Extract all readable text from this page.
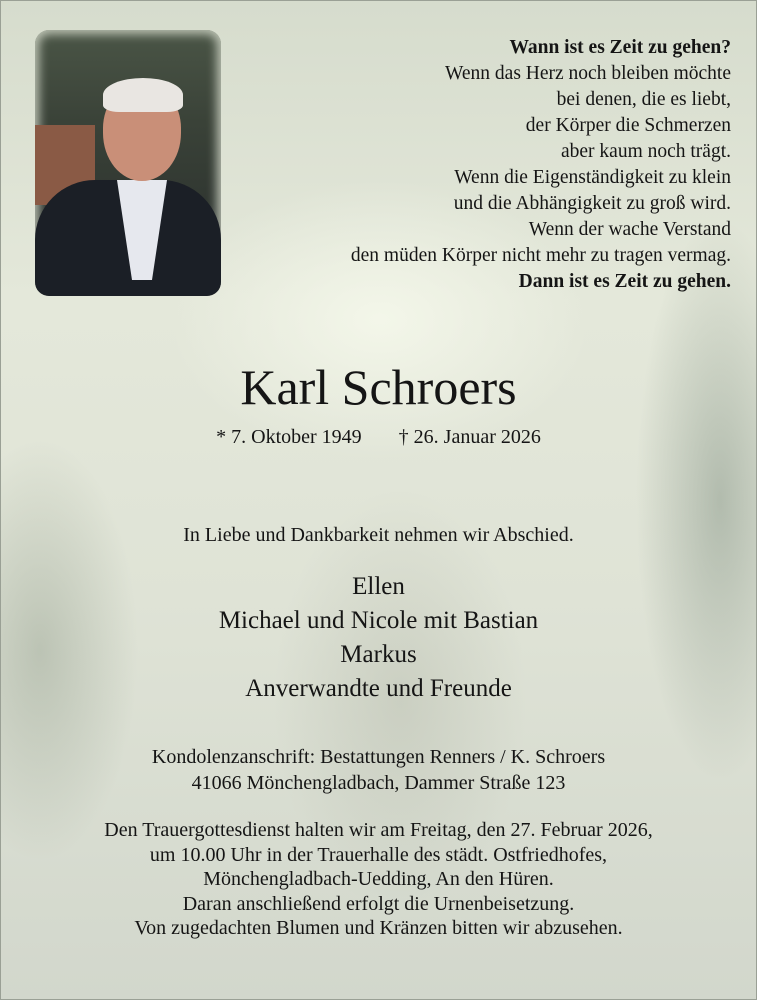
Wann ist es Zeit zu gehen?
Wenn das Herz noch bleiben möchte
bei denen, die es liebt,
der Körper die Schmerzen
aber kaum noch trägt.
Wenn die Eigenständigkeit zu klein
und die Abhängigkeit zu groß wird.
Wenn der wache Verstand
den müden Körper nicht mehr zu tragen vermag.
Dann ist es Zeit zu gehen.
Karl Schroers
* 7. Oktober 1949 † 26. Januar 2026
In Liebe und Dankbarkeit nehmen wir Abschied.
Ellen
Michael und Nicole mit Bastian
Markus
Anverwandte und Freunde
Kondolenzanschrift: Bestattungen Renners / K. Schroers
41066 Mönchengladbach, Dammer Straße 123
Den Trauergottesdienst halten wir am Freitag, den 27. Februar 2026,
um 10.00 Uhr in der Trauerhalle des städt. Ostfriedhofes,
Mönchengladbach-Uedding, An den Hüren.
Daran anschließend erfolgt die Urnenbeisetzung.
Von zugedachten Blumen und Kränzen bitten wir abzusehen.
